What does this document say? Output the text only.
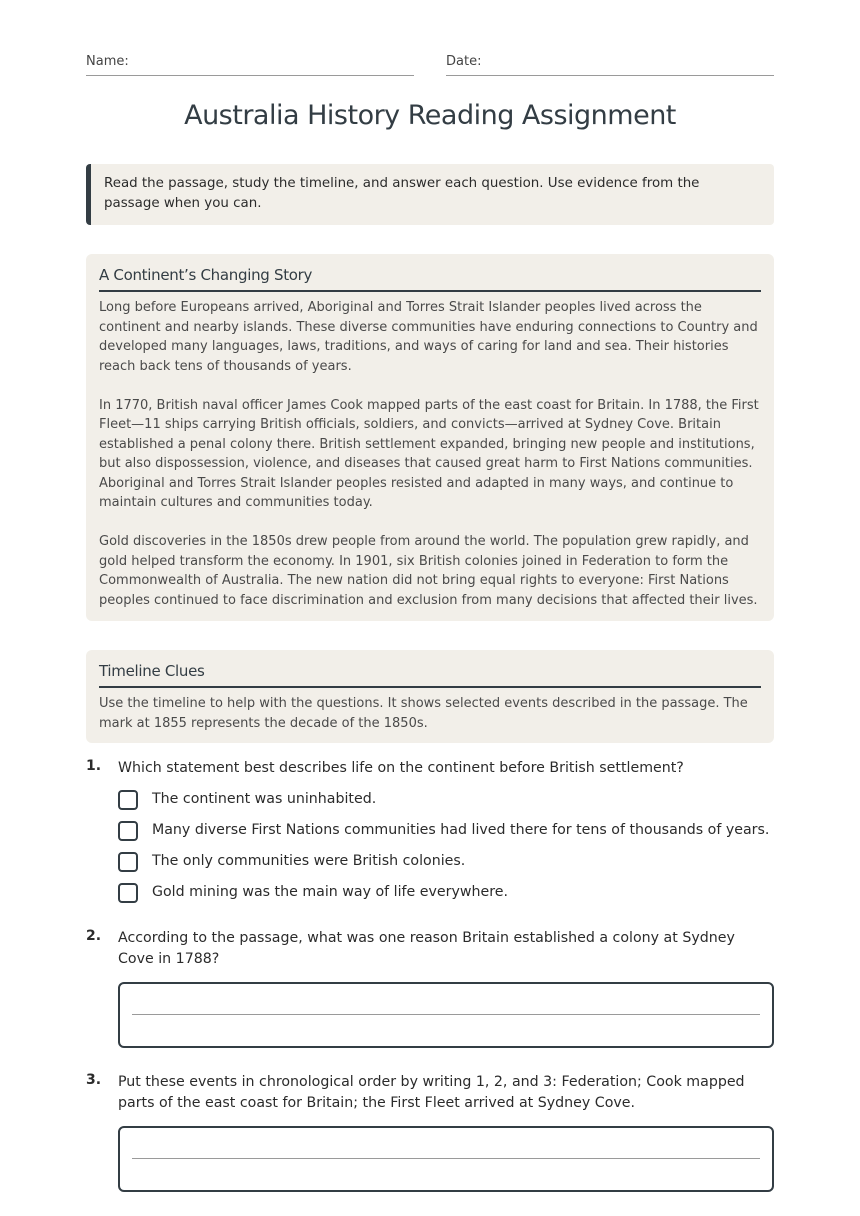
Name:	Date:
Australia History Reading Assignment
Read the passage, study the timeline, and answer each question. Use evidence from the passage when you can.
A Continent’s Changing Story

Long before Europeans arrived, Aboriginal and Torres Strait Islander peoples lived across the continent and nearby islands. These diverse communities have enduring connections to Country and developed many languages, laws, traditions, and ways of caring for land and sea. Their histories reach back tens of thousands of years.

In 1770, British naval officer James Cook mapped parts of the east coast for Britain. In 1788, the First Fleet—11 ships carrying British officials, soldiers, and convicts—arrived at Sydney Cove. Britain established a penal colony there. British settlement expanded, bringing new people and institutions, but also dispossession, violence, and diseases that caused great harm to First Nations communities. Aboriginal and Torres Strait Islander peoples resisted and adapted in many ways, and continue to maintain cultures and communities today.

Gold discoveries in the 1850s drew people from around the world. The population grew rapidly, and gold helped transform the economy. In 1901, six British colonies joined in Federation to form the Commonwealth of Australia. The new nation did not bring equal rights to everyone: First Nations peoples continued to face discrimination and exclusion from many decisions that affected their lives.

Timeline Clues

Use the timeline to help with the questions. It shows selected events described in the passage. The mark at 1855 represents the decade of the 1850s.

1. Which statement best describes life on the continent before British settlement?
The continent was uninhabited.
Many diverse First Nations communities had lived there for tens of thousands of years.
The only communities were British colonies.
Gold mining was the main way of life everywhere.
2. According to the passage, what was one reason Britain established a colony at Sydney Cove in 1788?
3. Put these events in chronological order by writing 1, 2, and 3: Federation; Cook mapped parts of the east coast for Britain; the First Fleet arrived at Sydney Cove.
